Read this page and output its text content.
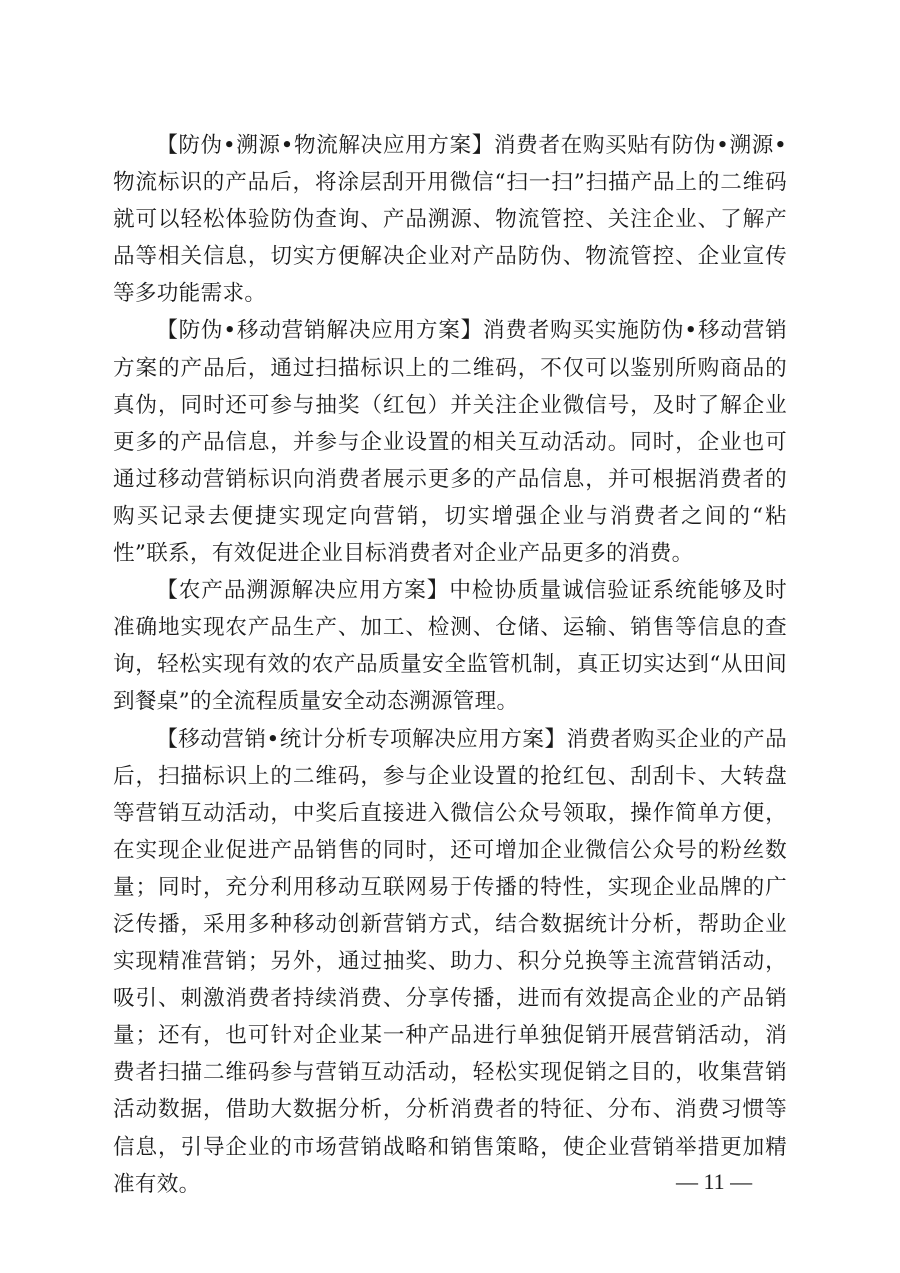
【防伪•溯源•物流解决应用方案】消费者在购买贴有防伪•溯源•物流标识的产品后，将涂层刮开用微信“扫一扫”扫描产品上的二维码就可以轻松体验防伪查询、产品溯源、物流管控、关注企业、了解产品等相关信息，切实方便解决企业对产品防伪、物流管控、企业宣传等多功能需求。

【防伪•移动营销解决应用方案】消费者购买实施防伪•移动营销方案的产品后，通过扫描标识上的二维码，不仅可以鉴别所购商品的真伪，同时还可参与抽奖（红包）并关注企业微信号，及时了解企业更多的产品信息，并参与企业设置的相关互动活动。同时，企业也可通过移动营销标识向消费者展示更多的产品信息，并可根据消费者的购买记录去便捷实现定向营销，切实增强企业与消费者之间的“粘性”联系，有效促进企业目标消费者对企业产品更多的消费。

【农产品溯源解决应用方案】中检协质量诚信验证系统能够及时准确地实现农产品生产、加工、检测、仓储、运输、销售等信息的查询，轻松实现有效的农产品质量安全监管机制，真正切实达到“从田间到餐桌”的全流程质量安全动态溯源管理。

【移动营销•统计分析专项解决应用方案】消费者购买企业的产品后，扫描标识上的二维码，参与企业设置的抢红包、刮刮卡、大转盘等营销互动活动，中奖后直接进入微信公众号领取，操作简单方便，在实现企业促进产品销售的同时，还可增加企业微信公众号的粉丝数量；同时，充分利用移动互联网易于传播的特性，实现企业品牌的广泛传播，采用多种移动创新营销方式，结合数据统计分析，帮助企业实现精准营销；另外，通过抽奖、助力、积分兑换等主流营销活动，吸引、刺激消费者持续消费、分享传播，进而有效提高企业的产品销量；还有，也可针对企业某一种产品进行单独促销开展营销活动，消费者扫描二维码参与营销互动活动，轻松实现促销之目的，收集营销活动数据，借助大数据分析，分析消费者的特征、分布、消费习惯等信息，引导企业的市场营销战略和销售策略，使企业营销举措更加精准有效。	— 11 —
